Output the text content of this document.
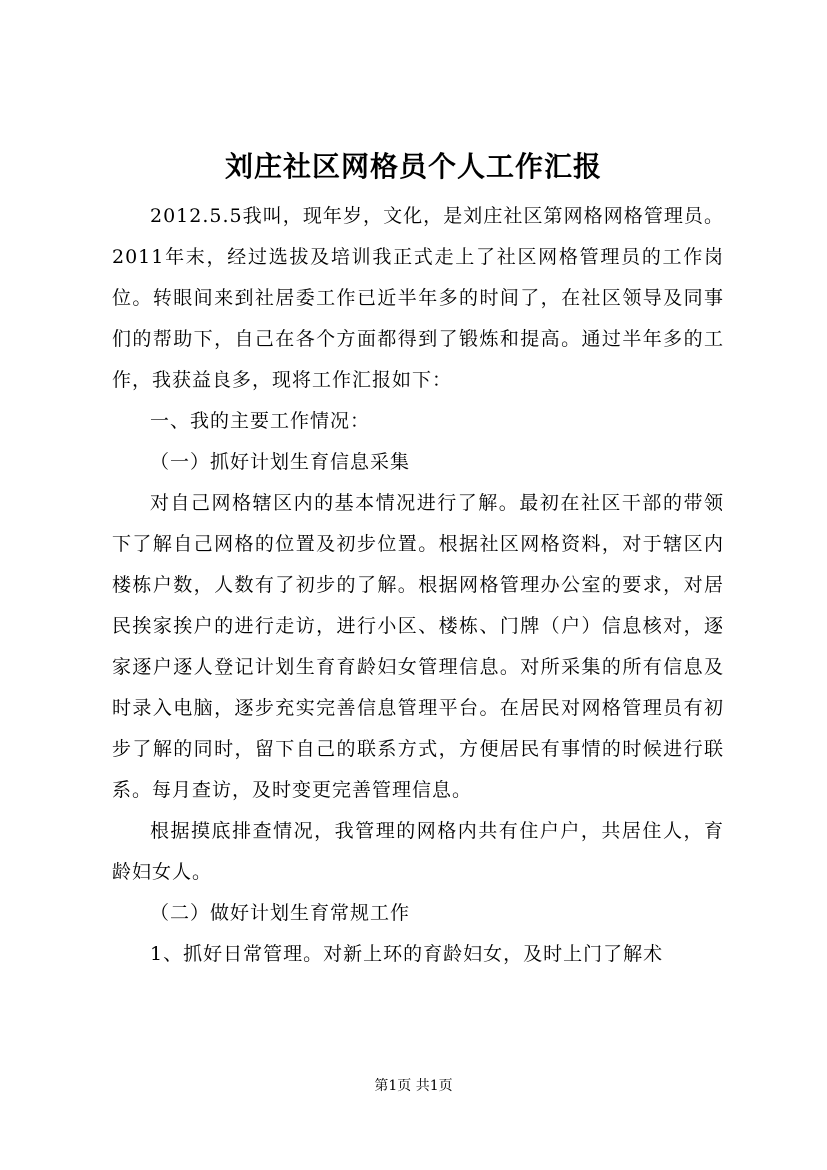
刘庄社区网格员个人工作汇报

2012.5.5我叫，现年岁，文化，是刘庄社区第网格网格管理员。2011年末，经过选拔及培训我正式走上了社区网格管理员的工作岗位。转眼间来到社居委工作已近半年多的时间了，在社区领导及同事们的帮助下，自己在各个方面都得到了锻炼和提高。通过半年多的工作，我获益良多，现将工作汇报如下：

一、我的主要工作情况：

（一）抓好计划生育信息采集

对自己网格辖区内的基本情况进行了解。最初在社区干部的带领下了解自己网格的位置及初步位置。根据社区网格资料，对于辖区内楼栋户数，人数有了初步的了解。根据网格管理办公室的要求，对居民挨家挨户的进行走访，进行小区、楼栋、门牌（户）信息核对，逐家逐户逐人登记计划生育育龄妇女管理信息。对所采集的所有信息及时录入电脑，逐步充实完善信息管理平台。在居民对网格管理员有初步了解的同时，留下自己的联系方式，方便居民有事情的时候进行联系。每月查访，及时变更完善管理信息。

根据摸底排查情况，我管理的网格内共有住户户，共居住人，育龄妇女人。

（二）做好计划生育常规工作

1、抓好日常管理。对新上环的育龄妇女，及时上门了解术

第1页 共1页
